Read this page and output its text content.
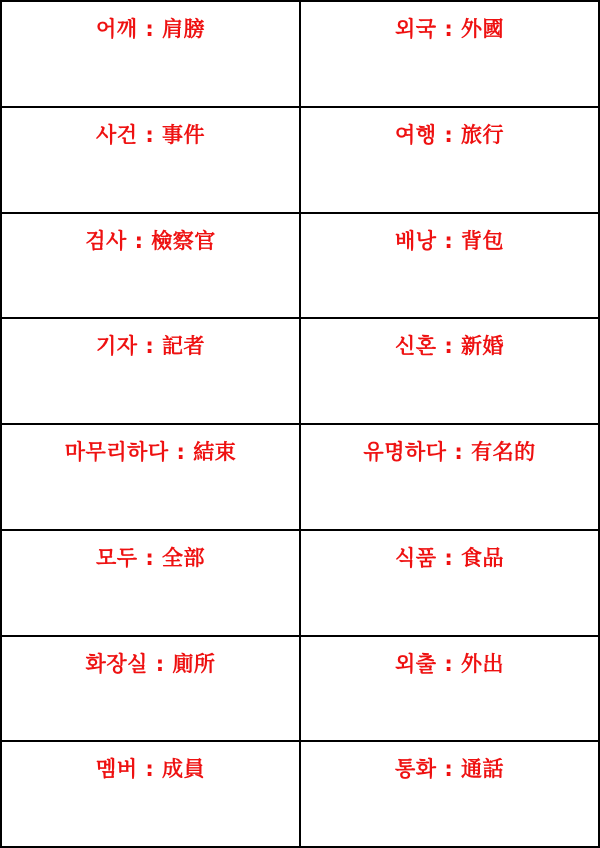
어깨 : 肩膀	외국 : 外國
사건 : 事件	여행 : 旅行
검사 : 檢察官	배낭 : 背包
기자 : 記者	신혼 : 新婚
마무리하다 : 結束	유명하다 : 有名的
모두 : 全部	식품 : 食品
화장실 : 廁所	외출 : 外出
멤버 : 成員	통화 : 通話
